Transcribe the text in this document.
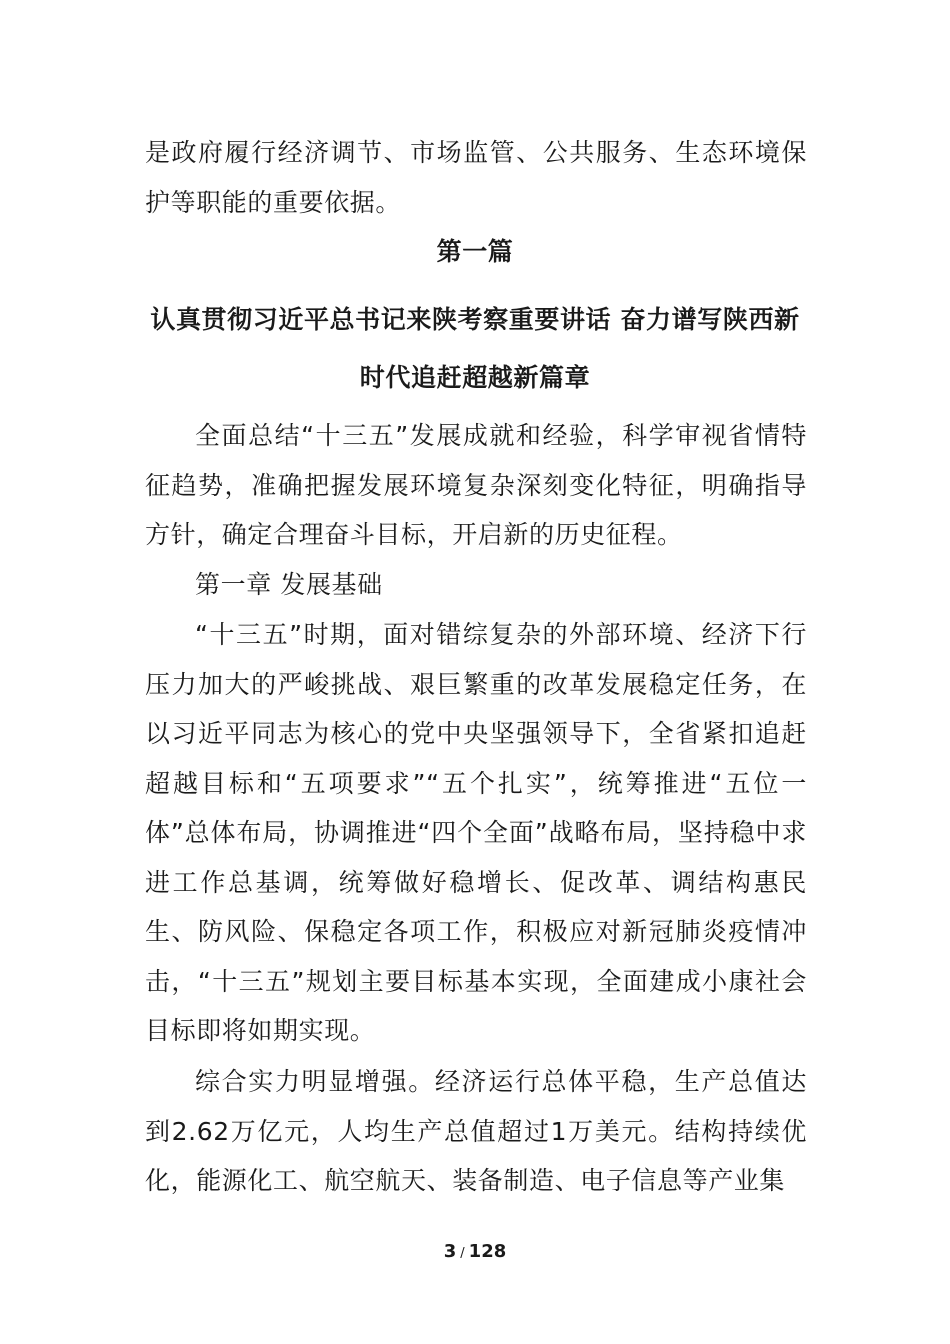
是政府履行经济调节、市场监管、公共服务、生态环境保护等职能的重要依据。
第一篇
认真贯彻习近平总书记来陕考察重要讲话 奋力谱写陕西新时代追赶超越新篇章
全面总结“十三五”发展成就和经验，科学审视省情特征趋势，准确把握发展环境复杂深刻变化特征，明确指导方针，确定合理奋斗目标，开启新的历史征程。
第一章 发展基础
“十三五”时期，面对错综复杂的外部环境、经济下行压力加大的严峻挑战、艰巨繁重的改革发展稳定任务，在以习近平同志为核心的党中央坚强领导下，全省紧扣追赶超越目标和“五项要求”“五个扎实”，统筹推进“五位一体”总体布局，协调推进“四个全面”战略布局，坚持稳中求进工作总基调，统筹做好稳增长、促改革、调结构惠民生、防风险、保稳定各项工作，积极应对新冠肺炎疫情冲击，“十三五”规划主要目标基本实现，全面建成小康社会目标即将如期实现。
综合实力明显增强。经济运行总体平稳，生产总值达到2.62万亿元，人均生产总值超过1万美元。结构持续优化，能源化工、航空航天、装备制造、电子信息等产业集
3 / 128
